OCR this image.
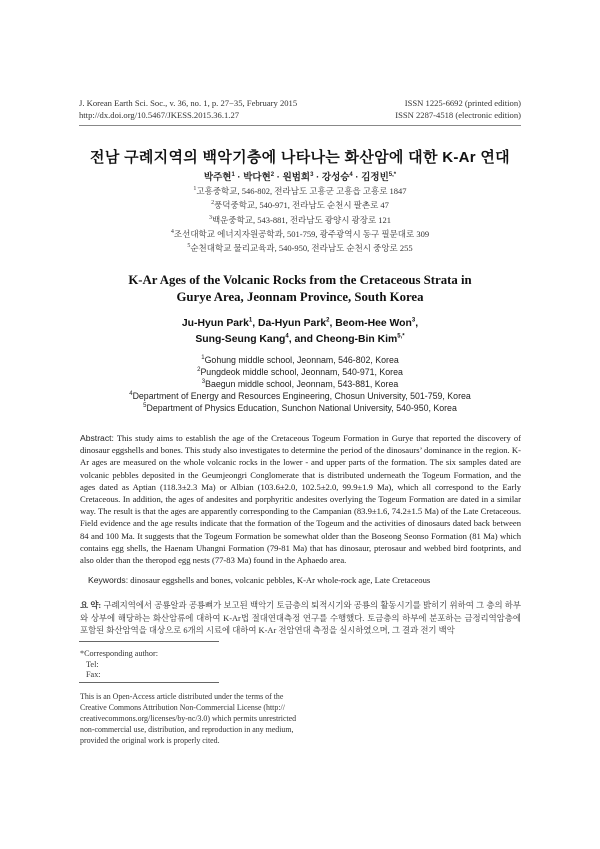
J. Korean Earth Sci. Soc., v. 36, no. 1, p. 27−35, February 2015
http://dx.doi.org/10.5467/JKESS.2015.36.1.27
ISSN 1225-6692 (printed edition)
ISSN 2287-4518 (electronic edition)
전남 구례지역의 백악기층에 나타나는 화산암에 대한 K-Ar 연대
박주현$^1$ · 박다현$^2$ · 원범희$^3$ · 강성승$^4$ · 김정빈$^{5,*}$
$^1$고흥중학교, 546-802, 전라남도 고흥군 고흥읍 고흥로 1847
$^2$풍덕중학교, 540-971, 전라남도 순천시 팔촌로 47
$^3$백운중학교, 543-881, 전라남도 광양시 광장로 121
$^4$조선대학교 에너지자원공학과, 501-759, 광주광역시 동구 필문대로 309
$^5$순천대학교 물리교육과, 540-950, 전라남도 순천시 중앙로 255
K-Ar Ages of the Volcanic Rocks from the Cretaceous Strata in
Gurye Area, Jeonnam Province, South Korea
Ju-Hyun Park$^1$, Da-Hyun Park$^2$, Beom-Hee Won$^3$,
Sung-Seung Kang$^4$, and Cheong-Bin Kim$^{5,*}$
$^1$Gohung middle school, Jeonnam, 546-802, Korea
$^2$Pungdeok middle school, Jeonnam, 540-971, Korea
$^3$Baegun middle school, Jeonnam, 543-881, Korea
$^4$Department of Energy and Resources Engineering, Chosun University, 501-759, Korea
$^5$Department of Physics Education, Sunchon National University, 540-950, Korea
Abstract: This study aims to establish the age of the Cretaceous Togeum Formation in Gurye that reported the discovery of dinosaur eggshells and bones. This study also investigates to determine the period of the dinosaurs’ dominance in the region. K-Ar ages are measured on the whole volcanic rocks in the lower - and upper parts of the formation. The six samples dated are volcanic pebbles deposited in the Geumjeongri Conglomerate that is distributed underneath the Togeum Formation, and the ages dated as Aptian (118.3±2.3 Ma) or Albian (103.6±2.0, 102.5±2.0, 99.9±1.9 Ma), which all correspond to the Early Cretaceous. In addition, the ages of andesites and porphyritic andesites overlying the Togeum Formation are dated in a similar way. The result is that the ages are apparently corresponding to the Campanian (83.9±1.6, 74.2±1.5 Ma) of the Late Cretaceous. Field evidence and the age results indicate that the formation of the Togeum and the activities of dinosaurs dated back between 84 and 100 Ma. It suggests that the Togeum Formation be somewhat older than the Boseong Seonso Formation (81 Ma) which contains egg shells, the Haenam Uhangni Formation (79-81 Ma) that has dinosaur, pterosaur and webbed bird footprints, and also older than the theropod egg nests (77-83 Ma) found in the Aphaedo area.
Keywords: dinosaur eggshells and bones, volcanic pebbles, K-Ar whole-rock age, Late Cretaceous
요 약: 구례지역에서 공룡알과 공룡뼈가 보고된 백악기 토금층의 퇴적시기와 공룡의 활동시기를 밝히기 위하여 그 층의 하부와 상부에 해당하는 화산암류에 대하여 K-Ar법 절대연대측정 연구를 수행했다. 토금층의 하부에 분포하는 금정리역암층에 포함된 화산암역을 대상으로 6개의 시료에 대하여 K-Ar 전암연대 측정을 실시하였으며, 그 결과 전기 백악
*Corresponding author:
Tel:
Fax:
This is an Open-Access article distributed under the terms of the
Creative Commons Attribution Non-Commercial License (http://
creativecommons.org/licenses/by-nc/3.0) which permits unrestricted
non-commercial use, distribution, and reproduction in any medium,
provided the original work is properly cited.
